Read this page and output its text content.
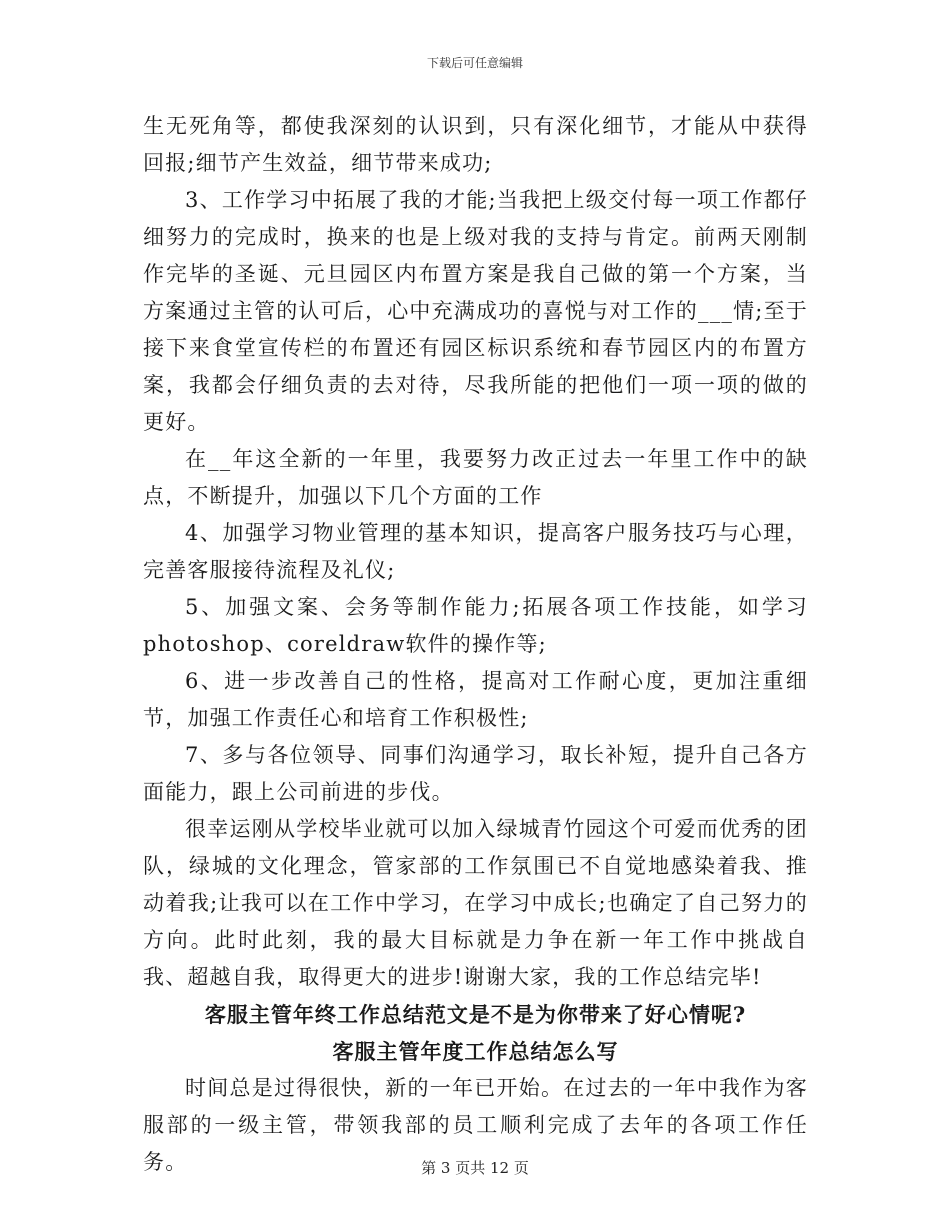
下载后可任意编辑

生无死角等，都使我深刻的认识到，只有深化细节，才能从中获得回报;细节产生效益，细节带来成功;

3、工作学习中拓展了我的才能;当我把上级交付每一项工作都仔细努力的完成时，换来的也是上级对我的支持与肯定。前两天刚制作完毕的圣诞、元旦园区内布置方案是我自己做的第一个方案，当方案通过主管的认可后，心中充满成功的喜悦与对工作的___情;至于接下来食堂宣传栏的布置还有园区标识系统和春节园区内的布置方案，我都会仔细负责的去对待，尽我所能的把他们一项一项的做的更好。

在__年这全新的一年里，我要努力改正过去一年里工作中的缺点，不断提升，加强以下几个方面的工作

4、加强学习物业管理的基本知识，提高客户服务技巧与心理，完善客服接待流程及礼仪;

5、加强文案、会务等制作能力;拓展各项工作技能，如学习photoshop、coreldraw软件的操作等;

6、进一步改善自己的性格，提高对工作耐心度，更加注重细节，加强工作责任心和培育工作积极性;

7、多与各位领导、同事们沟通学习，取长补短，提升自己各方面能力，跟上公司前进的步伐。

很幸运刚从学校毕业就可以加入绿城青竹园这个可爱而优秀的团队，绿城的文化理念，管家部的工作氛围已不自觉地感染着我、推动着我;让我可以在工作中学习，在学习中成长;也确定了自己努力的方向。此时此刻，我的最大目标就是力争在新一年工作中挑战自我、超越自我，取得更大的进步!谢谢大家，我的工作总结完毕!

客服主管年终工作总结范文是不是为你带来了好心情呢?
客服主管年度工作总结怎么写

时间总是过得很快，新的一年已开始。在过去的一年中我作为客服部的一级主管，带领我部的员工顺利完成了去年的各项工作任务。	第 3 页共 12 页
